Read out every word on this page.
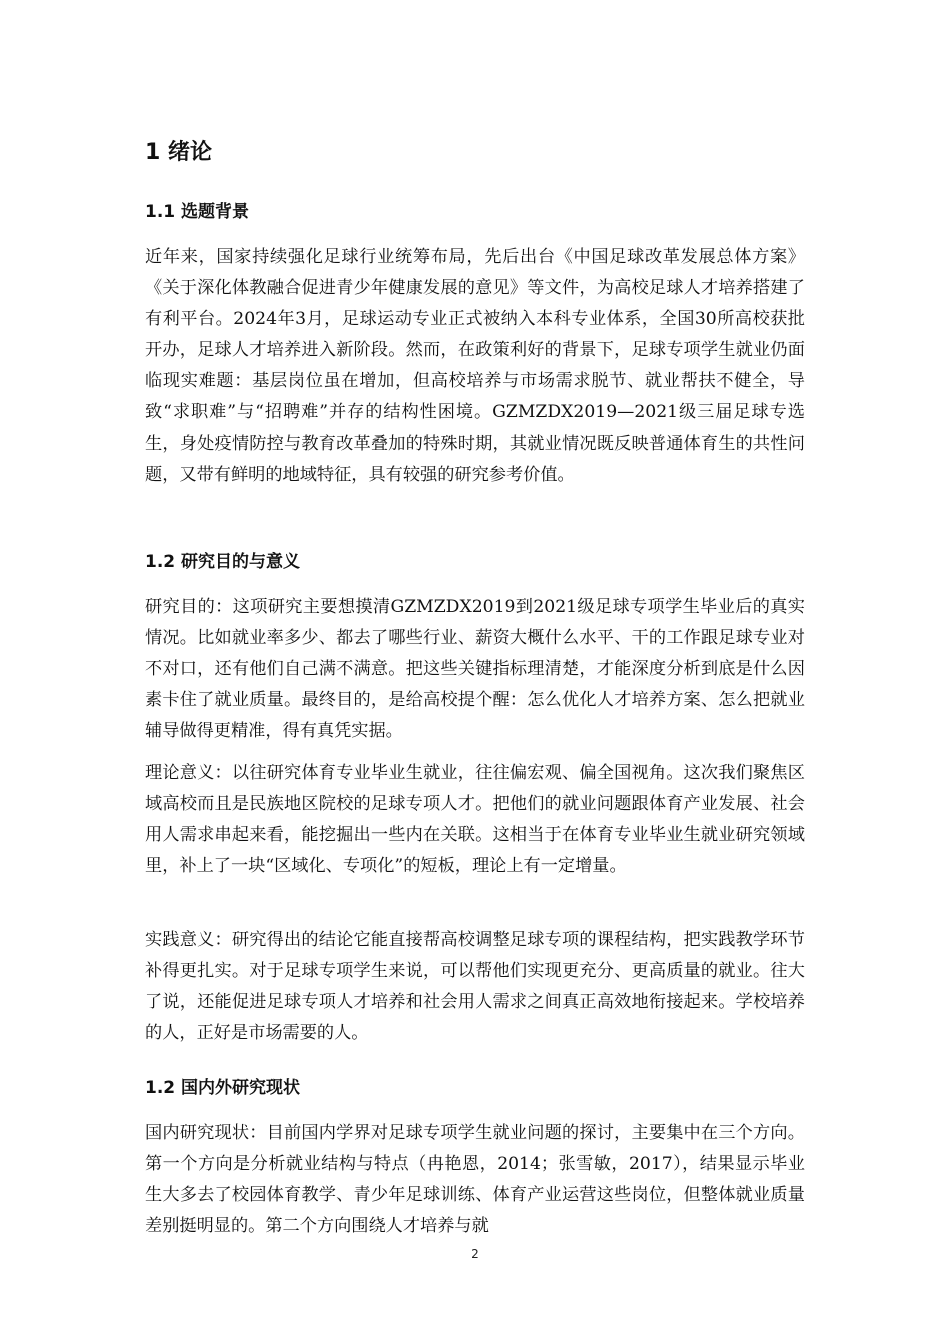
1 绪论
1.1 选题背景

近年来，国家持续强化足球行业统筹布局，先后出台《中国足球改革发展总体方案》《关于深化体教融合促进青少年健康发展的意见》等文件，为高校足球人才培养搭建了有利平台。2024年3月，足球运动专业正式被纳入本科专业体系，全国30所高校获批开办，足球人才培养进入新阶段。然而，在政策利好的背景下，足球专项学生就业仍面临现实难题：基层岗位虽在增加，但高校培养与市场需求脱节、就业帮扶不健全，导致“求职难”与“招聘难”并存的结构性困境。GZMZDX2019—2021级三届足球专选生，身处疫情防控与教育改革叠加的特殊时期，其就业情况既反映普通体育生的共性问题，又带有鲜明的地域特征，具有较强的研究参考价值。

1.2 研究目的与意义

研究目的：这项研究主要想摸清GZMZDX2019到2021级足球专项学生毕业后的真实情况。比如就业率多少、都去了哪些行业、薪资大概什么水平、干的工作跟足球专业对不对口，还有他们自己满不满意。把这些关键指标理清楚，才能深度分析到底是什么因素卡住了就业质量。最终目的，是给高校提个醒：怎么优化人才培养方案、怎么把就业辅导做得更精准，得有真凭实据。

理论意义：以往研究体育专业毕业生就业，往往偏宏观、偏全国视角。这次我们聚焦区域高校而且是民族地区院校的足球专项人才。把他们的就业问题跟体育产业发展、社会用人需求串起来看，能挖掘出一些内在关联。这相当于在体育专业毕业生就业研究领域里，补上了一块“区域化、专项化”的短板，理论上有一定增量。

实践意义：研究得出的结论它能直接帮高校调整足球专项的课程结构，把实践教学环节补得更扎实。对于足球专项学生来说，可以帮他们实现更充分、更高质量的就业。往大了说，还能促进足球专项人才培养和社会用人需求之间真正高效地衔接起来。学校培养的人，正好是市场需要的人。

1.2 国内外研究现状

国内研究现状：目前国内学界对足球专项学生就业问题的探讨，主要集中在三个方向。第一个方向是分析就业结构与特点（冉艳恩，2014；张雪敏，2017），结果显示毕业生大多去了校园体育教学、青少年足球训练、体育产业运营这些岗位，但整体就业质量差别挺明显的。第二个方向围绕人才培养与就

2
